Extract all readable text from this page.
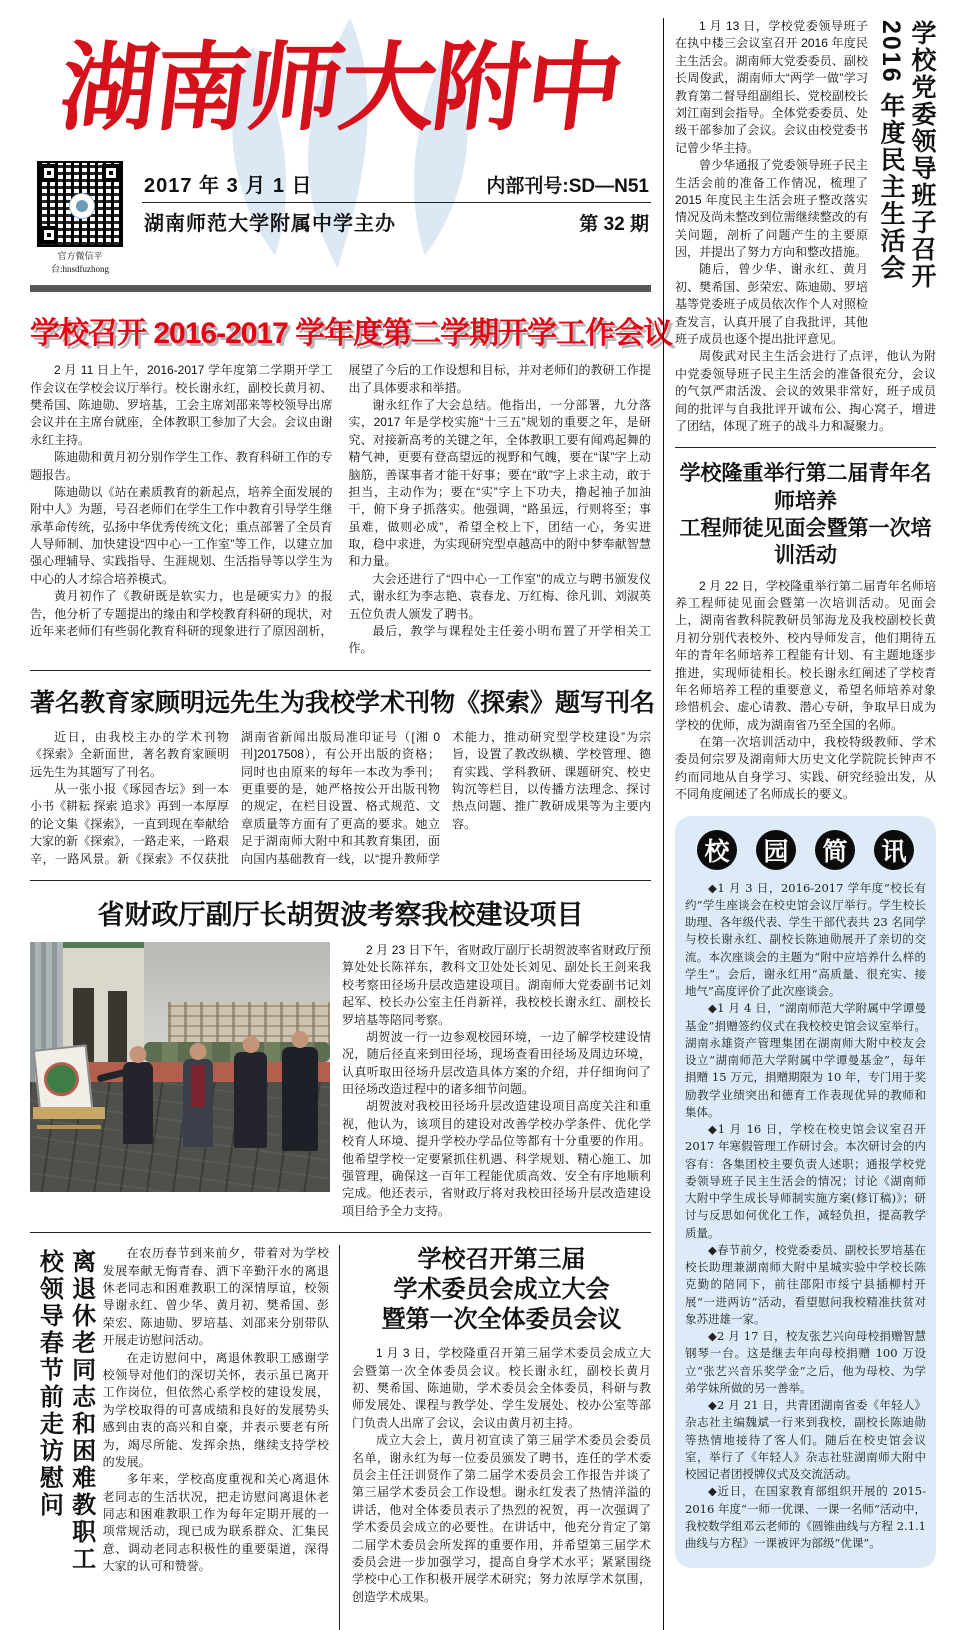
湖南师大附中
官方微信平台:hnsdfuzhong
2017 年 3 月 1 日	内部刊号:SD—N51
湖南师范大学附属中学主办	第 32 期
学校召开 2016-2017 学年度第二学期开学工作会议

2 月 11 日上午，2016-2017 学年度第二学期开学工作会议在学校会议厅举行。校长谢永红，副校长黄月初、樊希国、陈迪勋、罗培基，工会主席刘邵来等校领导出席会议并在主席台就座，全体教职工参加了大会。会议由谢永红主持。

陈迪勋和黄月初分别作学生工作、教育科研工作的专题报告。

陈迪勋以《站在素质教育的新起点，培养全面发展的附中人》为题，号召老师们在学生工作中教育引导学生继承革命传统，弘扬中华优秀传统文化；重点部署了全员育人导师制、加快建设“四中心一工作室”等工作，以建立加强心理辅导、实践指导、生涯规划、生活指导等以学生为中心的人才综合培养模式。

黄月初作了《教研既是软实力，也是硬实力》的报告，他分析了专题提出的缘由和学校教育科研的现状，对近年来老师们有些弱化教育科研的现象进行了原因剖析，展望了今后的工作设想和目标，并对老师们的教研工作提出了具体要求和举措。

谢永红作了大会总结。他指出，一分部署，九分落实，2017 年是学校实施“十三五”规划的重要之年，是研究、对接新高考的关键之年，全体教职工要有闻鸡起舞的精气神，更要有登高望远的视野和气魄，要在“谋”字上动脑筋，善谋事者才能干好事；要在“敢”字上求主动，敢于担当，主动作为；要在“实”字上下功夫，撸起袖子加油干，俯下身子抓落实。他强调，“路虽远，行则将至；事虽难，做则必成”，希望全校上下，团结一心，务实进取，稳中求进，为实现研究型卓越高中的附中梦奉献智慧和力量。

大会还进行了“四中心一工作室”的成立与聘书颁发仪式，谢永红为李志艳、袁春龙、万红梅、徐凡训、刘淑英五位负责人颁发了聘书。

最后，教学与课程处主任姜小明布置了开学相关工作。

著名教育家顾明远先生为我校学术刊物《探索》题写刊名

近日，由我校主办的学术刊物《探索》全新面世，著名教育家顾明远先生为其题写了刊名。

从一张小报《琢园杏坛》到一本小书《耕耘 探索 追求》再到一本厚厚的论文集《探索》，一直到现在奉献给大家的新《探索》，一路走来，一路艰辛，一路风景。新《探索》不仅获批湖南省新闻出版局准印证号（[湘 0 刊]2017508），有公开出版的资格；同时也由原来的每年一本改为季刊；更重要的是，她严格按公开出版刊物的规定，在栏目设置、格式规范、文章质量等方面有了更高的要求。她立足于湖南师大附中和其教育集团，面向国内基础教育一线，以“提升教师学术能力，推动研究型学校建设”为宗旨，设置了教改纵横、学校管理、德育实践、学科教研、课题研究、校史钩沉等栏目，以传播方法理念、探讨热点问题、推广教研成果等为主要内容。

省财政厅副厅长胡贺波考察我校建设项目

2 月 23 日下午，省财政厅副厅长胡贺波率省财政厅预算处处长陈祥东，教科文卫处处长刘见、副处长王剑来我校考察田径场升层改造建设项目。湖南师大党委副书记刘起军、校长办公室主任肖新祥，我校校长谢永红、副校长罗培基等陪同考察。

胡贺波一行一边参观校园环境，一边了解学校建设情况，随后径直来到田径场，现场查看田径场及周边环境，认真听取田径场升层改造具体方案的介绍，并仔细询问了田径场改造过程中的诸多细节问题。

胡贺波对我校田径场升层改造建设项目高度关注和重视，他认为，该项目的建设对改善学校办学条件、优化学校育人环境、提升学校办学品位等都有十分重要的作用。他希望学校一定要紧抓住机遇、科学规划、精心施工、加强管理，确保这一百年工程能优质高效、安全有序地顺利完成。他还表示，省财政厅将对我校田径场升层改造建设项目给予全力支持。

离退休老同志和困难教职工
校领导春节前走访慰问	在农历春节到来前夕，带着对为学校发展奉献无悔青春、洒下辛勤汗水的离退休老同志和困难教职工的深情厚谊，校领导谢永红、曾少华、黄月初、樊希国、彭荣宏、陈迪勋、罗培基、刘邵来分别带队开展走访慰问活动。

在走访慰问中，离退休教职工感谢学校领导对他们的深切关怀，表示虽已离开工作岗位，但依然心系学校的建设发展，为学校取得的可喜成绩和良好的发展势头感到由衷的高兴和自豪，并表示要老有所为，竭尽所能、发挥余热，继续支持学校的发展。

多年来，学校高度重视和关心离退休老同志的生活状况，把走访慰问离退休老同志和困难教职工作为每年定期开展的一项常规活动，现已成为联系群众、汇集民意、调动老同志积极性的重要渠道，深得大家的认可和赞誉。

学校召开第三届
学术委员会成立大会
暨第一次全体委员会议

1 月 3 日，学校隆重召开第三届学术委员会成立大会暨第一次全体委员会议。校长谢永红，副校长黄月初、樊希国、陈迪勋，学术委员会全体委员，科研与教师发展处、课程与教学处、学生发展处、校办公室等部门负责人出席了会议，会议由黄月初主持。

成立大会上，黄月初宣读了第三届学术委员会委员名单，谢永红为每一位委员颁发了聘书，连任的学术委员会主任汪训贤作了第二届学术委员会工作报告并谈了第三届学术委员会工作设想。谢永红发表了热情洋溢的讲话，他对全体委员表示了热烈的祝贺，再一次强调了学术委员会成立的必要性。在讲话中，他充分肯定了第二届学术委员会所发挥的重要作用，并希望第三届学术委员会进一步加强学习，提高自身学术水平；紧紧围绕学校中心工作积极开展学术研究；努力浓厚学术氛围，创造学术成果。

1 月 13 日，学校党委领导班子在执中楼三会议室召开 2016 年度民主生活会。湖南师大党委委员、副校长周俊武，湖南师大“两学一做”学习教育第二督导组副组长、党校副校长刘江南到会指导。全体党委委员、处级干部参加了会议。会议由校党委书记曾少华主持。

曾少华通报了党委领导班子民主生活会前的准备工作情况，梳理了 2015 年度民主生活会班子整改落实情况及尚未整改到位需继续整改的有关问题，剖析了问题产生的主要原因，并提出了努力方向和整改措施。

随后，曾少华、谢永红、黄月初、樊希国、彭荣宏、陈迪勋、罗培基等党委班子成员依次作个人对照检查发言，认真开展了自我批评，其他班子成员也逐个提出批评意见。

学校党委领导班子召开
2016 年度民主生活会

周俊武对民主生活会进行了点评，他认为附中党委领导班子民主生活会的准备很充分，会议的气氛严肃活泼、会议的效果非常好，班子成员间的批评与自我批评开诚布公、掏心窝子，增进了团结，体现了班子的战斗力和凝聚力。

学校隆重举行第二届青年名师培养
工程师徒见面会暨第一次培训活动

2 月 22 日，学校隆重举行第二届青年名师培养工程师徒见面会暨第一次培训活动。见面会上，湖南省教科院教研员邹海龙及我校副校长黄月初分别代表校外、校内导师发言，他们期待五年的青年名师培养工程能有计划、有主题地逐步推进，实现师徒相长。校长谢永红阐述了学校青年名师培养工程的重要意义，希望名师培养对象珍惜机会、虚心请教、潜心专研，争取早日成为学校的优师，成为湖南省乃至全国的名师。

在第一次培训活动中，我校特级教师、学术委员何宗罗及湖南师大历史文化学院院长钟声不约而同地从自身学习、实践、研究经验出发，从不同角度阐述了名师成长的要义。

校	园	简	讯

◆1 月 3 日，2016-2017 学年度“校长有约”学生座谈会在校史馆会议厅举行。学生校长助理、各年级代表、学生干部代表共 23 名同学与校长谢永红、副校长陈迪勋展开了亲切的交流。本次座谈会的主题为“附中应培养什么样的学生”。会后，谢永红用“高质量、很充实、接地气”高度评价了此次座谈会。

◆1 月 4 日，“湖南师范大学附属中学谭曼基金”捐赠签约仪式在我校校史馆会议室举行。湖南永雄资产管理集团在湖南师大附中校友会设立“湖南师范大学附属中学谭曼基金”，每年捐赠 15 万元，捐赠期限为 10 年，专门用于奖励教学业绩突出和德育工作表现优异的教师和集体。

◆1 月 16 日，学校在校史馆会议室召开 2017 年寒假管理工作研讨会。本次研讨会的内容有：各集团校主要负责人述职；通报学校党委领导班子民主生活会的情况；讨论《湖南师大附中学生成长导师制实施方案(修订稿)》；研讨与反思如何优化工作，减轻负担，提高教学质量。

◆春节前夕，校党委委员、副校长罗培基在校长助理兼湖南师大附中星城实验中学校长陈克勤的陪同下，前往邵阳市绥宁县插柳村开展“一进两访”活动，看望慰问我校精准扶贫对象苏进雄一家。

◆2 月 17 日，校友张艺兴向母校捐赠智慧钢琴一台。这是继去年向母校捐赠 100 万设立“张艺兴音乐奖学金”之后，他为母校、为学弟学妹所做的另一善举。

◆2 月 21 日，共青团湖南省委《年轻人》杂志社主编魏斌一行来到我校，副校长陈迪勋等热情地接待了客人们。随后在校史馆会议室，举行了《年轻人》杂志社驻湖南师大附中校园记者团授牌仪式及交流活动。

◆近日，在国家教育部组织开展的 2015-2016 年度“一师一优课、一课一名师”活动中，我校数学组邓云老师的《圆锥曲线与方程 2.1.1 曲线与方程》一课被评为部级“优课”。
